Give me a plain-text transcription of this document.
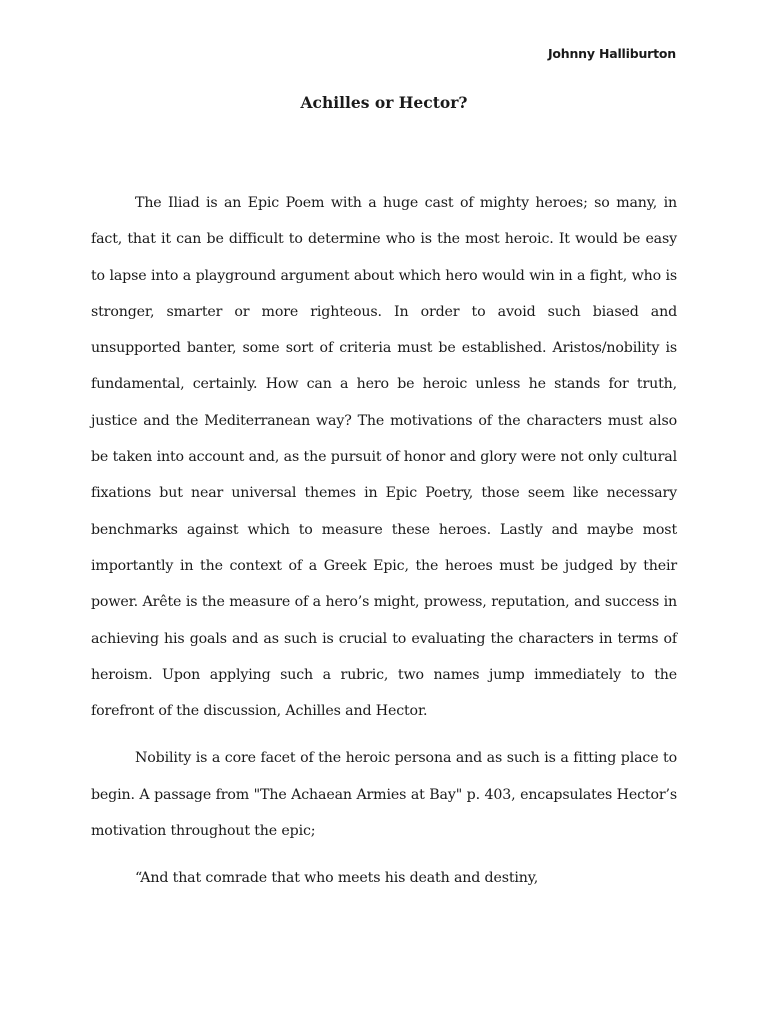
Johnny Halliburton
Achilles or Hector?

The Iliad is an Epic Poem with a huge cast of mighty heroes; so many, in fact, that it can be difficult to determine who is the most heroic. It would be easy to lapse into a playground argument about which hero would win in a fight, who is stronger, smarter or more righteous. In order to avoid such biased and unsupported banter, some sort of criteria must be established. Aristos/nobility is fundamental, certainly. How can a hero be heroic unless he stands for truth, justice and the Mediterranean way? The motivations of the characters must also be taken into account and, as the pursuit of honor and glory were not only cultural fixations but near universal themes in Epic Poetry, those seem like necessary benchmarks against which to measure these heroes. Lastly and maybe most importantly in the context of a Greek Epic, the heroes must be judged by their power. Arête is the measure of a hero’s might, prowess, reputation, and success in achieving his goals and as such is crucial to evaluating the characters in terms of heroism. Upon applying such a rubric, two names jump immediately to the forefront of the discussion, Achilles and Hector.

Nobility is a core facet of the heroic persona and as such is a fitting place to begin. A passage from "The Achaean Armies at Bay" p. 403, encapsulates Hector’s motivation throughout the epic;

“And that comrade that who meets his death and destiny,
